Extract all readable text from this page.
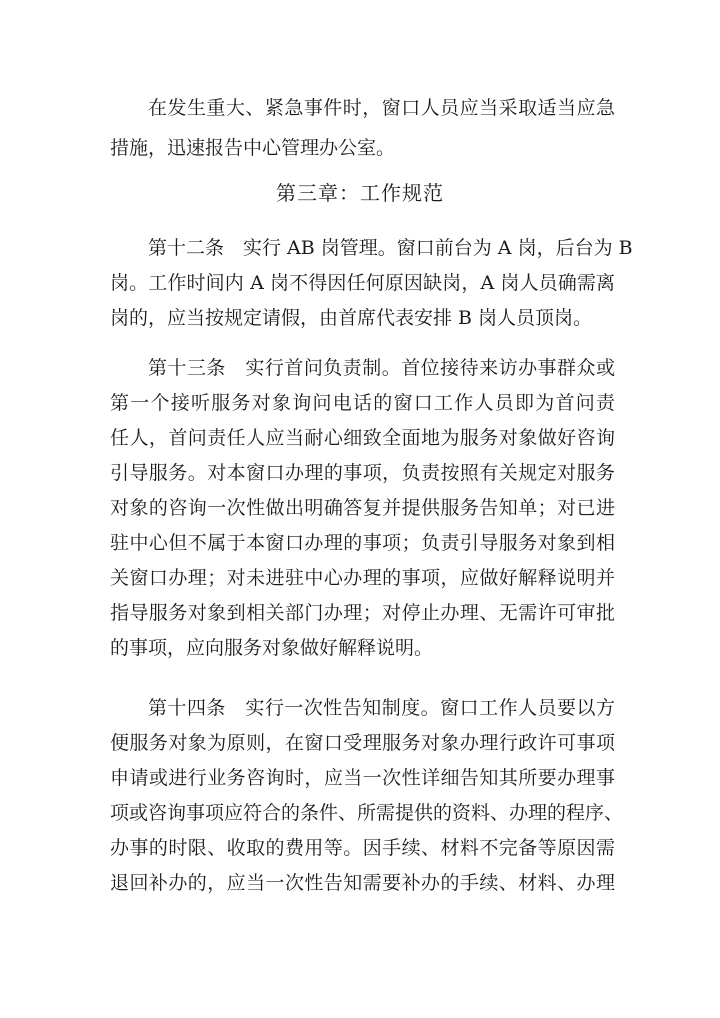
在发生重大、紧急事件时，窗口人员应当采取适当应急
措施，迅速报告中心管理办公室。
第三章：工作规范
第十二条　实行 AB 岗管理。窗口前台为 A 岗，后台为 B
岗。工作时间内 A 岗不得因任何原因缺岗，A 岗人员确需离
岗的，应当按规定请假，由首席代表安排 B 岗人员顶岗。
第十三条　实行首问负责制。首位接待来访办事群众或
第一个接听服务对象询问电话的窗口工作人员即为首问责
任人，首问责任人应当耐心细致全面地为服务对象做好咨询
引导服务。对本窗口办理的事项，负责按照有关规定对服务
对象的咨询一次性做出明确答复并提供服务告知单；对已进
驻中心但不属于本窗口办理的事项；负责引导服务对象到相
关窗口办理；对未进驻中心办理的事项，应做好解释说明并
指导服务对象到相关部门办理；对停止办理、无需许可审批
的事项，应向服务对象做好解释说明。
第十四条　实行一次性告知制度。窗口工作人员要以方
便服务对象为原则，在窗口受理服务对象办理行政许可事项
申请或进行业务咨询时，应当一次性详细告知其所要办理事
项或咨询事项应符合的条件、所需提供的资料、办理的程序、
办事的时限、收取的费用等。因手续、材料不完备等原因需
退回补办的，应当一次性告知需要补办的手续、材料、办理
